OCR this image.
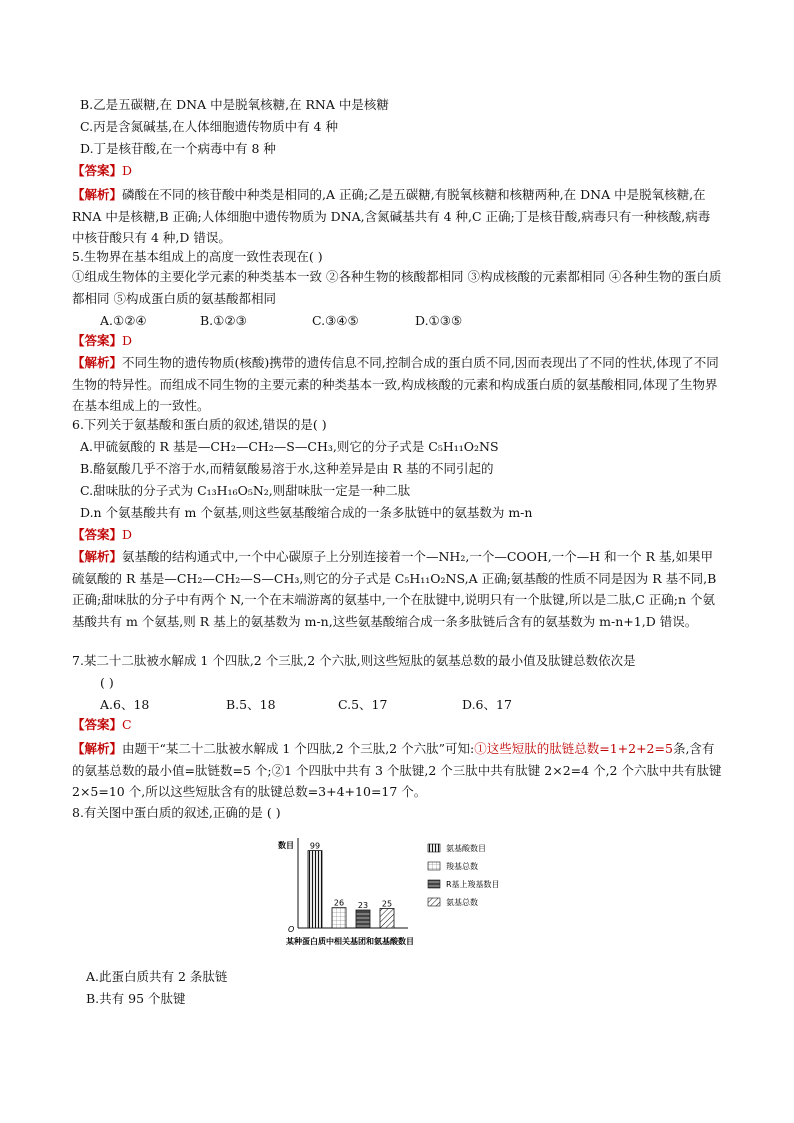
B.乙是五碳糖,在 DNA 中是脱氧核糖,在 RNA 中是核糖
C.丙是含氮碱基,在人体细胞遗传物质中有 4 种
D.丁是核苷酸,在一个病毒中有 8 种
【答案】D
【解析】磷酸在不同的核苷酸中种类是相同的,A 正确;乙是五碳糖,有脱氧核糖和核糖两种,在 DNA 中是脱氧核糖,在 RNA 中是核糖,B 正确;人体细胞中遗传物质为 DNA,含氮碱基共有 4 种,C 正确;丁是核苷酸,病毒只有一种核酸,病毒中核苷酸只有 4 种,D 错误。
5.生物界在基本组成上的高度一致性表现在( )
①组成生物体的主要化学元素的种类基本一致 ②各种生物的核酸都相同 ③构成核酸的元素都相同 ④各种生物的蛋白质都相同 ⑤构成蛋白质的氨基酸都相同
A.①②④	B.①②③	C.③④⑤	D.①③⑤
【答案】D
【解析】不同生物的遗传物质(核酸)携带的遗传信息不同,控制合成的蛋白质不同,因而表现出了不同的性状,体现了不同生物的特异性。而组成不同生物的主要元素的种类基本一致,构成核酸的元素和构成蛋白质的氨基酸相同,体现了生物界在基本组成上的一致性。
6.下列关于氨基酸和蛋白质的叙述,错误的是( )
A.甲硫氨酸的 R 基是—CH₂—CH₂—S—CH₃,则它的分子式是 C₅H₁₁O₂NS
B.酪氨酸几乎不溶于水,而精氨酸易溶于水,这种差异是由 R 基的不同引起的
C.甜味肽的分子式为 C₁₃H₁₆O₅N₂,则甜味肽一定是一种二肽
D.n 个氨基酸共有 m 个氨基,则这些氨基酸缩合成的一条多肽链中的氨基数为 m-n
【答案】D
【解析】氨基酸的结构通式中,一个中心碳原子上分别连接着一个—NH₂,一个—COOH,一个—H 和一个 R 基,如果甲硫氨酸的 R 基是—CH₂—CH₂—S—CH₃,则它的分子式是 C₅H₁₁O₂NS,A 正确;氨基酸的性质不同是因为 R 基不同,B 正确;甜味肽的分子中有两个 N,一个在末端游离的氨基中,一个在肽键中,说明只有一个肽键,所以是二肽,C 正确;n 个氨基酸共有 m 个氨基,则 R 基上的氨基数为 m-n,这些氨基酸缩合成一条多肽链后含有的氨基数为 m-n+1,D 错误。
7.某二十二肽被水解成 1 个四肽,2 个三肽,2 个六肽,则这些短肽的氨基总数的最小值及肽键总数依次是
( )
A.6、18	B.5、18	C.5、17	D.6、17
【答案】C
【解析】由题干“某二十二肽被水解成 1 个四肽,2 个三肽,2 个六肽”可知:①这些短肽的肽链总数=1+2+2=5条,含有的氨基总数的最小值=肽链数=5 个;②1 个四肽中共有 3 个肽键,2 个三肽中共有肽键 2×2=4 个,2 个六肽中共有肽键 2×5=10 个,所以这些短肽含有的肽键总数=3+4+10=17 个。
8.有关图中蛋白质的叙述,正确的是 ( )
数目
O
99
26 23 25
氨基酸数目
羧基总数
R基上羧基数目
氨基总数
某种蛋白质中相关基团和氨基酸数目
A.此蛋白质共有 2 条肽链
B.共有 95 个肽键
